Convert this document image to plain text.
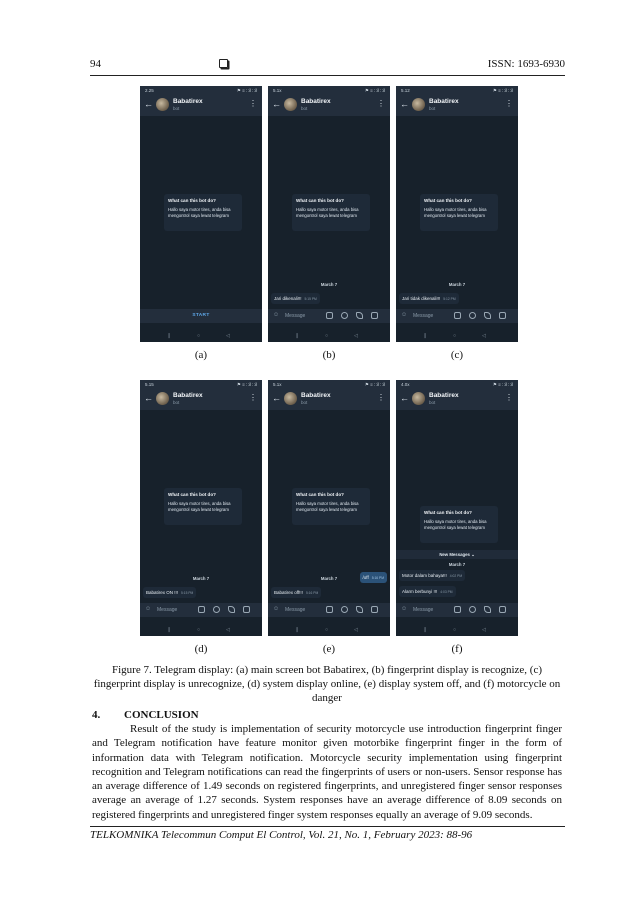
94	ISSN: 1693-6930
2.25	⚑ ≡ ∷il ∷il
←	Babatirex
bot
⋮
What can this bot do?
Hallo saya motor tires, anda bisa mengontrol saya lewat telegram
START
∥	○	◁
(a)
5.1x	⚑ ≡ ∷il ∷il
←	Babatirex
bot
⋮
What can this bot do?
Hallo saya motor tires, anda bisa mengontrol saya lewat telegram
March 7
Jari dikenali!!! 5:15 PM
☺ Message
∥	○	◁
(b)
5.12	⚑ ≡ ∷il ∷il
←	Babatirex
bot
⋮
What can this bot do?
Hallo saya motor tires, anda bisa mengontrol saya lewat telegram
March 7
Jari tidak dikenali!!! 5:12 PM
☺ Message
∥	○	◁
(c)
5.15	⚑ ≡ ∷il ∷il
←	Babatirex
bot
⋮
What can this bot do?
Hallo saya motor tires, anda bisa mengontrol saya lewat telegram
March 7
Babatirex ON !!! 5:15 PM
☺ Message
∥	○	◁
(d)
5.1x	⚑ ≡ ∷il ∷il
←	Babatirex
bot
⋮
What can this bot do?
Hallo saya motor tires, anda bisa mengontrol saya lewat telegram
March 7	/off 5:16 PM
Babatirex off!!! 5:16 PM
☺ Message
∥	○	◁
(e)
4.0x	⚑ ≡ ∷il ∷il
←	Babatirex
bot
⋮
What can this bot do?
Hallo saya motor tires, anda bisa mengontrol saya lewat telegram
New Messages ⌄
March 7
Motor dalam bahaya!!! 4:02 PM
Alarm berbunyi !!! 4:03 PM
☺ Message
∥	○	◁
(f)
Figure 7. Telegram display: (a) main screen bot Babatirex, (b) fingerprint display is recognize, (c) fingerprint display is unrecognize, (d) system display online, (e) display system off, and (f) motorcycle on danger
4. CONCLUSION
Result of the study is implementation of security motorcycle use introduction fingerprint finger and Telegram notification have feature monitor given motorbike fingerprint finger in the form of information data with Telegram notification. Motorcycle security implementation using fingerprint recognition and Telegram notifications can read the fingerprints of users or non-users. Sensor response has an average difference of 1.49 seconds on registered fingerprints, and unregistered finger sensor responses average an average of 1.27 seconds. System responses have an average difference of 8.09 seconds on registered fingerprints and unregistered finger system responses equally an average of 9.09 seconds.
TELKOMNIKA Telecommun Comput El Control, Vol. 21, No. 1, February 2023: 88-96
